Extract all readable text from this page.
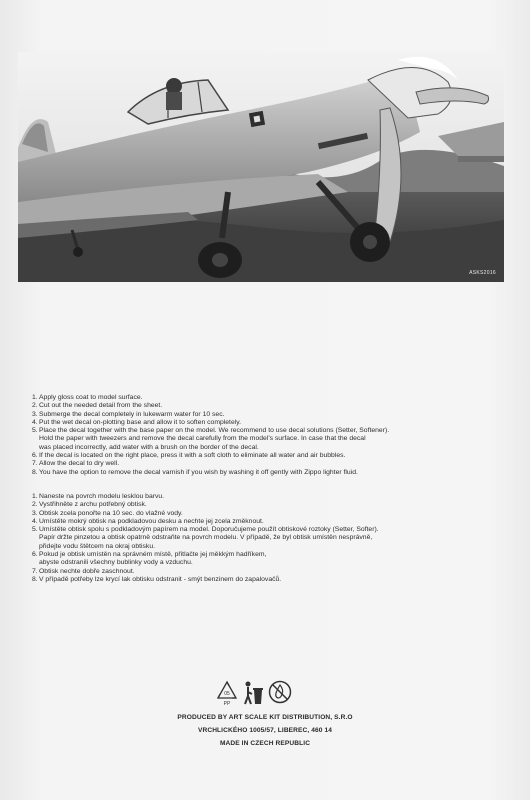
ASKS2016
1. Apply gloss coat to model surface.
2. Cut out the needed detail from the sheet.
3. Submerge the decal completely in lukewarm water for 10 sec.
4. Put the wet decal on-plotting base and allow it to soften completely.
5. Place the decal together with the base paper on the model. We recommend to use decal solutions (Setter, Softener).
Hold the paper with tweezers and remove the decal carefully from the model's surface. In case that the decal
was placed incorrectly, add water with a brush on the border of the decal.
6. If the decal is located on the right place, press it with a soft cloth to eliminate all water and air bubbles.
7. Allow the decal to dry well.
8. You have the option to remove the decal varnish if you wish by washing it off gently with Zippo lighter fluid.
1. Naneste na povrch modelu lesklou barvu.
2. Vystřihněte z archu potřebný obtisk.
3. Obtisk zcela ponořte na 10 sec. do vlažné vody.
4. Umístěte mokrý obtisk na podkladovou desku a nechte jej zcela změknout.
5. Umístěte obtisk spolu s podkladovým papírem na model. Doporučujeme použít obtiskové roztoky (Setter, Softer).
Papír držte pinzetou a obtisk opatrně odstraňte na povrch modelu. V případě, že byl obtisk umístěn nesprávně,
přidejte vodu štětcem na okraj obtisku.
6. Pokud je obtisk umístěn na správném místě, přitlačte jej měkkým hadříkem,
abyste odstranili všechny bublinky vody a vzduchu.
7. Obtisk nechte dobře zaschnout.
8. V případě potřeby lze krycí lak obtisku odstranit - smýt benzinem do zapalovačů.
05
PP
PRODUCED BY ART SCALE KIT DISTRIBUTION, S.R.O
VRCHLICKÉHO 1005/57, LIBEREC, 460 14
MADE IN CZECH REPUBLIC
